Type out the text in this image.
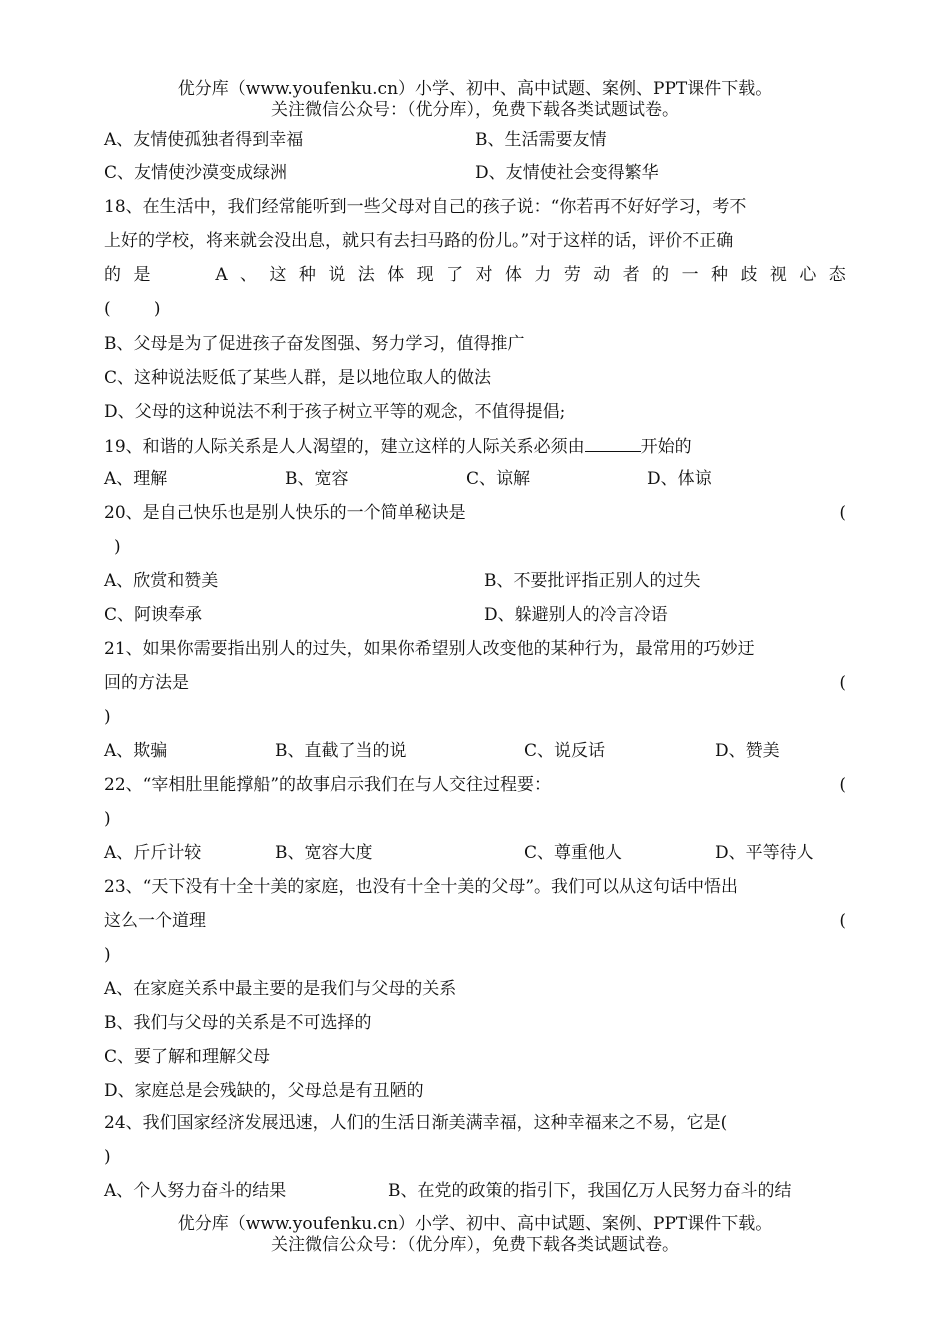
优分库（www.youfenku.cn）小学、初中、高中试题、案例、PPT课件下载。
关注微信公众号：（优分库），免费下载各类试题试卷。
A、友情使孤独者得到幸福	B、生活需要友情
C、友情使沙漠变成绿洲	D、友情使社会变得繁华
18、在生活中，我们经常能听到一些父母对自己的孩子说：“你若再不好好学习，考不
上好的学校，将来就会没出息，就只有去扫马路的份儿。”对于这样的话，评价不正确
的 是	A 、 这 种 说 法 体 现 了 对 体 力 劳 动 者 的 一 种 歧 视 心 态
(        )
B、父母是为了促进孩子奋发图强、努力学习，值得推广
C、这种说法贬低了某些人群，是以地位取人的做法
D、父母的这种说法不利于孩子树立平等的观念，不值得提倡;
19、和谐的人际关系是人人渴望的，建立这样的人际关系必须由	开始的
A、理解	B、宽容	C、谅解	D、体谅
20、是自己快乐也是别人快乐的一个简单秘诀是	(
)
A、欣赏和赞美	B、不要批评指正别人的过失
C、阿谀奉承	D、躲避别人的冷言冷语
21、如果你需要指出别人的过失，如果你希望别人改变他的某种行为，最常用的巧妙迂
回的方法是	(
)
A、欺骗	B、直截了当的说	C、说反话	D、赞美
22、“宰相肚里能撑船”的故事启示我们在与人交往过程要：	(
)
A、斤斤计较	B、宽容大度	C、尊重他人	D、平等待人
23、“天下没有十全十美的家庭，也没有十全十美的父母”。我们可以从这句话中悟出
这么一个道理	(
)
A、在家庭关系中最主要的是我们与父母的关系
B、我们与父母的关系是不可选择的
C、要了解和理解父母
D、家庭总是会残缺的，父母总是有丑陋的
24、我们国家经济发展迅速，人们的生活日渐美满幸福，这种幸福来之不易，它是(
)
A、个人努力奋斗的结果	B、在党的政策的指引下，我国亿万人民努力奋斗的结
优分库（www.youfenku.cn）小学、初中、高中试题、案例、PPT课件下载。
关注微信公众号：（优分库），免费下载各类试题试卷。
